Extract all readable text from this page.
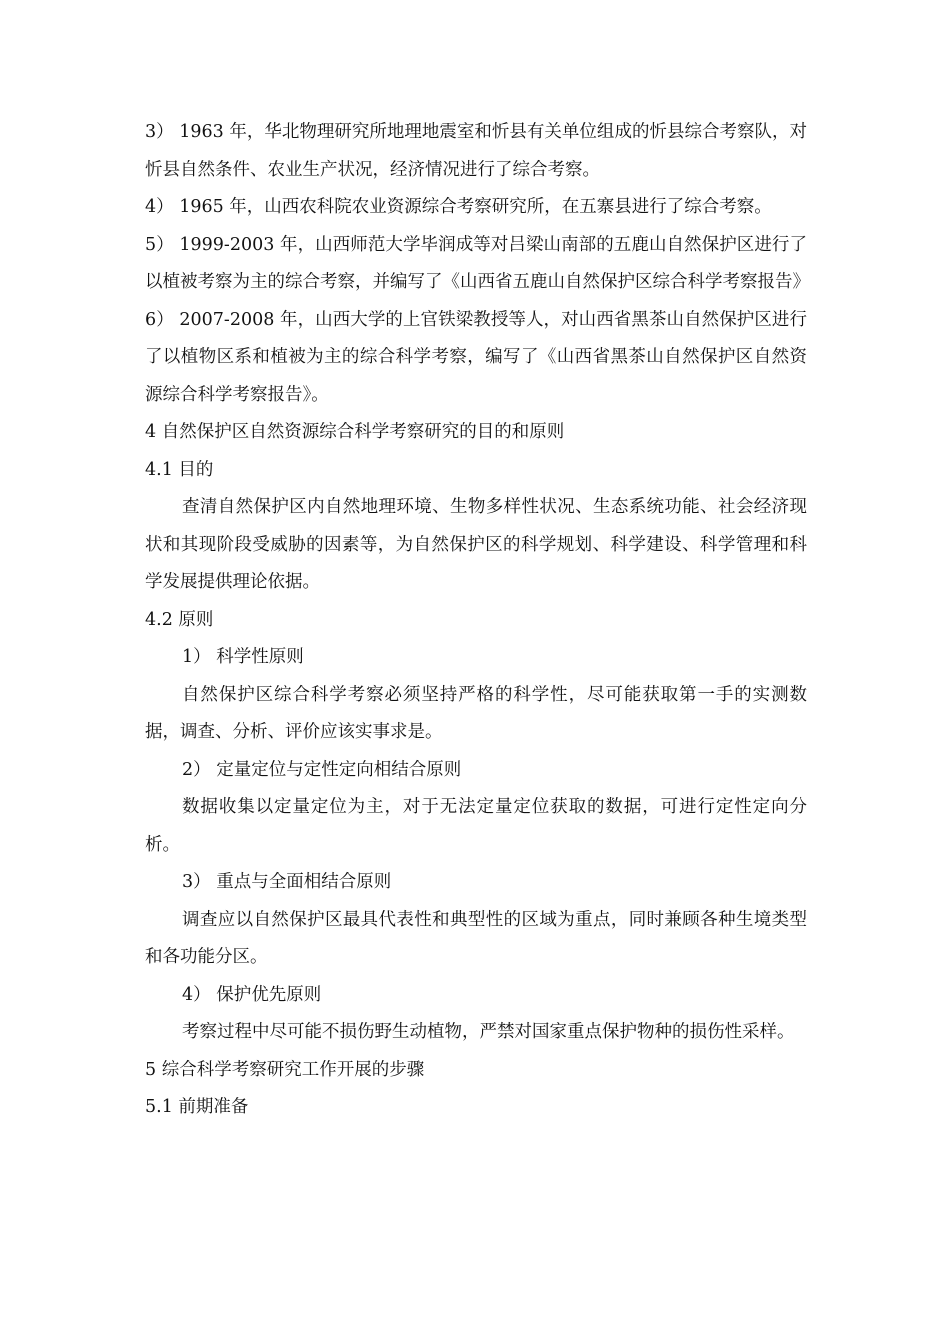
3） 1963 年，华北物理研究所地理地震室和忻县有关单位组成的忻县综合考察队，对忻县自然条件、农业生产状况，经济情况进行了综合考察。

4） 1965 年，山西农科院农业资源综合考察研究所，在五寨县进行了综合考察。

5） 1999-2003 年，山西师范大学毕润成等对吕梁山南部的五鹿山自然保护区进行了以植被考察为主的综合考察，并编写了《山西省五鹿山自然保护区综合科学考察报告》

6） 2007-2008 年，山西大学的上官铁梁教授等人，对山西省黑茶山自然保护区进行了以植物区系和植被为主的综合科学考察，编写了《山西省黑茶山自然保护区自然资源综合科学考察报告》。

4 自然保护区自然资源综合科学考察研究的目的和原则

4.1 目的

查清自然保护区内自然地理环境、生物多样性状况、生态系统功能、社会经济现状和其现阶段受威胁的因素等，为自然保护区的科学规划、科学建设、科学管理和科学发展提供理论依据。

4.2 原则

1） 科学性原则

自然保护区综合科学考察必须坚持严格的科学性，尽可能获取第一手的实测数据，调查、分析、评价应该实事求是。

2） 定量定位与定性定向相结合原则

数据收集以定量定位为主，对于无法定量定位获取的数据，可进行定性定向分析。

3） 重点与全面相结合原则

调查应以自然保护区最具代表性和典型性的区域为重点，同时兼顾各种生境类型和各功能分区。

4） 保护优先原则

考察过程中尽可能不损伤野生动植物，严禁对国家重点保护物种的损伤性采样。

5 综合科学考察研究工作开展的步骤

5.1 前期准备
